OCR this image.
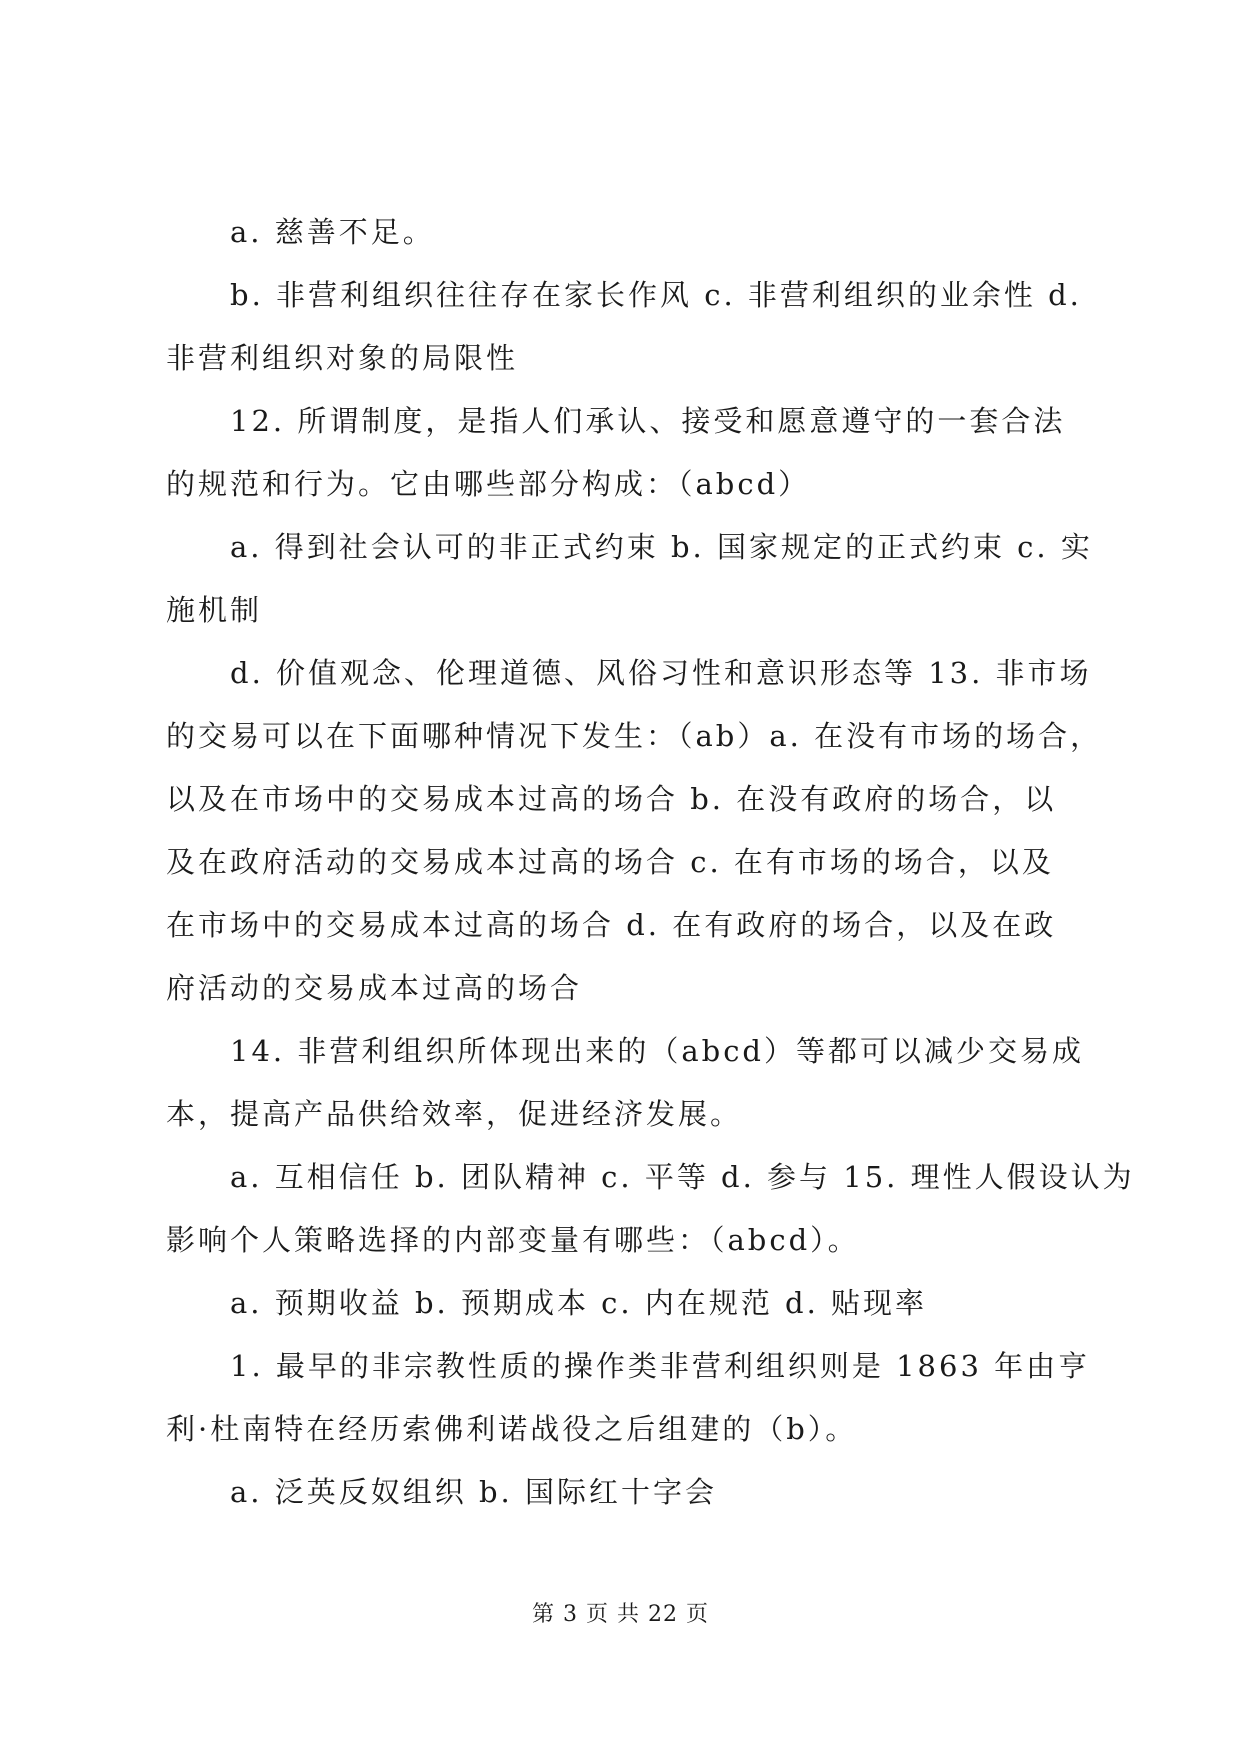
a. 慈善不足。
b. 非营利组织往往存在家长作风 c. 非营利组织的业余性 d.
非营利组织对象的局限性
12. 所谓制度，是指人们承认、接受和愿意遵守的一套合法
的规范和行为。它由哪些部分构成：（abcd）
a. 得到社会认可的非正式约束 b. 国家规定的正式约束 c. 实
施机制
d. 价值观念、伦理道德、风俗习性和意识形态等 13. 非市场
的交易可以在下面哪种情况下发生：（ab）a. 在没有市场的场合，
以及在市场中的交易成本过高的场合 b. 在没有政府的场合，以
及在政府活动的交易成本过高的场合 c. 在有市场的场合，以及
在市场中的交易成本过高的场合 d. 在有政府的场合，以及在政
府活动的交易成本过高的场合
14. 非营利组织所体现出来的（abcd）等都可以减少交易成
本，提高产品供给效率，促进经济发展。
a. 互相信任 b. 团队精神 c. 平等 d. 参与 15. 理性人假设认为
影响个人策略选择的内部变量有哪些：（abcd）。
a. 预期收益 b. 预期成本 c. 内在规范 d. 贴现率
1. 最早的非宗教性质的操作类非营利组织则是 1863 年由亨
利·杜南特在经历索佛利诺战役之后组建的（b）。
a. 泛英反奴组织 b. 国际红十字会
第 3 页 共 22 页
